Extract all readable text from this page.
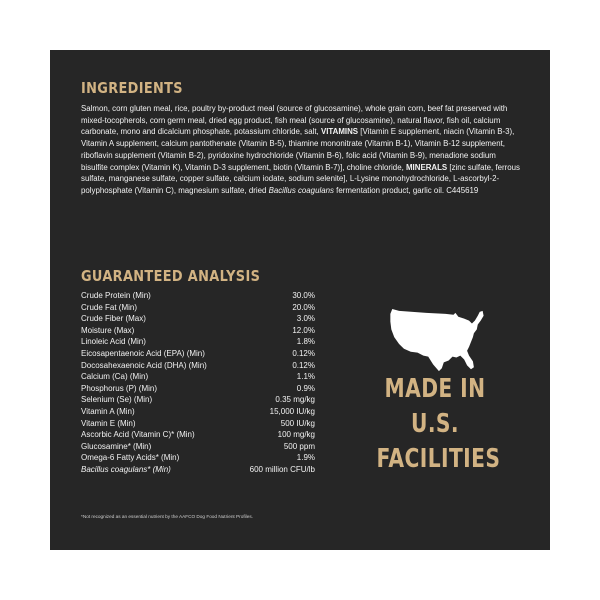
INGREDIENTS

Salmon, corn gluten meal, rice, poultry by-product meal (source of glucosamine), whole grain corn, beef fat preserved with mixed-tocopherols, corn germ meal, dried egg product, fish meal (source of glucosamine), natural flavor, fish oil, calcium carbonate, mono and dicalcium phosphate, potassium chloride, salt, VITAMINS [Vitamin E supplement, niacin (Vitamin B-3), Vitamin A supplement, calcium pantothenate (Vitamin B-5), thiamine mononitrate (Vitamin B-1), Vitamin B-12 supplement, riboflavin supplement (Vitamin B-2), pyridoxine hydrochloride (Vitamin B-6), folic acid (Vitamin B-9), menadione sodium bisulfite complex (Vitamin K), Vitamin D-3 supplement, biotin (Vitamin B-7)], choline chloride, MINERALS [zinc sulfate, ferrous sulfate, manganese sulfate, copper sulfate, calcium iodate, sodium selenite], L-Lysine monohydrochloride, L-ascorbyl-2-polyphosphate (Vitamin C), magnesium sulfate, dried Bacillus coagulans fermentation product, garlic oil. C445619

GUARANTEED ANALYSIS
Crude Protein (Min)	30.0%
Crude Fat (Min)	20.0%
Crude Fiber (Max)	3.0%
Moisture (Max)	12.0%
Linoleic Acid (Min)	1.8%
Eicosapentaenoic Acid (EPA) (Min)	0.12%
Docosahexaenoic Acid (DHA) (Min)	0.12%
Calcium (Ca) (Min)	1.1%
Phosphorus (P) (Min)	0.9%
Selenium (Se) (Min)	0.35 mg/kg
Vitamin A (Min)	15,000 IU/kg
Vitamin E (Min)	500 IU/kg
Ascorbic Acid (Vitamin C)* (Min)	100 mg/kg
Glucosamine* (Min)	500 ppm
Omega-6 Fatty Acids* (Min)	1.9%
Bacillus coagulans* (Min)	600 million CFU/lb

*Not recognized as an essential nutrient by the AAFCO Dog Food Nutrient Profiles.

MADE IN
U.S.
FACILITIES
